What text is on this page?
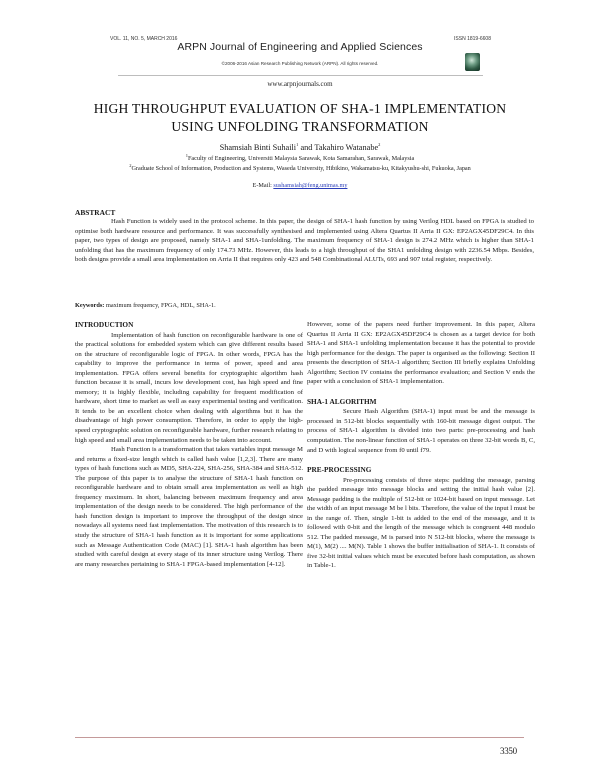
VOL. 11, NO. 5, MARCH 2016	ISSN 1819-6608
ARPN Journal of Engineering and Applied Sciences
©2006-2016 Asian Research Publishing Network (ARPN). All rights reserved.
www.arpnjournals.com
HIGH THROUGHPUT EVALUATION OF SHA-1 IMPLEMENTATION
USING UNFOLDING TRANSFORMATION
Shamsiah Binti Suhaili$^1$ and Takahiro Watanabe$^2$
$^1$Faculty of Engineering, Universiti Malaysia Sarawak, Kota Samarahan, Sarawak, Malaysia
$^2$Graduate School of Information, Production and Systems, Waseda University, Hibikino, Wakamatsu-ku, Kitakyushu-shi, Fukuoka, Japan
E-Mail: sushamsiah@feng.unimas.my
ABSTRACT

Hash Function is widely used in the protocol scheme. In this paper, the design of SHA-1 hash function by using Verilog HDL based on FPGA is studied to optimise both hardware resource and performance. It was successfully synthesised and implemented using Altera Quartus II Arria II GX: EP2AGX45DF29C4. In this paper, two types of design are proposed, namely SHA-1 and SHA-1unfolding. The maximum frequency of SHA-1 design is 274.2 MHz which is higher than SHA-1 unfolding that has the maximum frequency of only 174.73 MHz. However, this leads to a high throughput of the SHA1 unfolding design with 2236.54 Mbps. Besides, both designs provide a small area implementation on Arria II that requires only 423 and 548 Combinational ALUTs, 693 and 907 total register, respectively.

Keywords: maximum frequency, FPGA, HDL, SHA-1.
INTRODUCTION

Implementation of hash function on reconfigurable hardware is one of the practical solutions for embedded system which can give different results based on the structure of reconfigurable logic of FPGA. In other words, FPGA has the capability to improve the performance in terms of power, speed and area implementation. FPGA offers several benefits for cryptographic algorithm hash function because it is small, incurs low development cost, has high speed and fine memory; it is highly flexible, including capability for frequent modification of hardware, short time to market as well as easy experimental testing and verification. It tends to be an excellent choice when dealing with algorithms but it has the disadvantage of high power consumption. Therefore, in order to apply the high-speed cryptographic solution on reconfigurable hardware, further research relating to high speed and small area implementation needs to be taken into account.

Hash Function is a transformation that takes variables input message M and returns a fixed-size length which is called hash value [1,2,3]. There are many types of hash functions such as MD5, SHA-224, SHA-256, SHA-384 and SHA-512. The purpose of this paper is to analyse the structure of SHA-1 hash function on reconfigurable hardware and to obtain small area implementation as well as high frequency maximum. In short, balancing between maximum frequency and area implementation of the design needs to be considered. The high performance of the hash function design is important to improve the throughput of the design since nowadays all systems need fast implementation. The motivation of this research is to study the structure of SHA-1 hash function as it is important for some applications such as Message Authentication Code (MAC) [1]. SHA-1 hash algorithm has been studied with careful design at every stage of its inner structure using Verilog. There are many researches pertaining to SHA-1 FPGA-based implementation [4-12].

However, some of the papers need further improvement. In this paper, Altera Quartus II Arria II GX: EP2AGX45DF29C4 is chosen as a target device for both SHA-1 and SHA-1 unfolding implementation because it has the potential to provide high performance for the design. The paper is organised as the following: Section II presents the description of SHA-1 algorithm; Section III briefly explains Unfolding Algorithm; Section IV contains the performance evaluation; and Section V ends the paper with a conclusion of SHA-1 implementation.

SHA-1 ALGORITHM

Secure Hash Algorithm (SHA-1) input must be and the message is processed in 512-bit blocks sequentially with 160-bit message digest output. The process of SHA-1 algorithm is divided into two parts: pre-processing and hash computation. The non-linear function of SHA-1 operates on three 32-bit words B, C, and D with logical sequence from f0 until f79.

PRE-PROCESSING

Pre-processing consists of three steps: padding the message, parsing the padded message into message blocks and setting the initial hash value [2]. Message padding is the multiple of 512-bit or 1024-bit based on input message. Let the width of an input message M be l bits. Therefore, the value of the input l must be in the range of. Then, single 1-bit is added to the end of the message, and it is followed with 0-bit and the length of the message which is congruent 448 modulo 512. The padded message, M is parsed into N 512-bit blocks, where the message is M(1), M(2) .... M(N). Table 1 shows the buffer initialisation of SHA-1. It consists of five 32-bit initial values which must be executed before hash computation, as shown in Table-1.

3350
